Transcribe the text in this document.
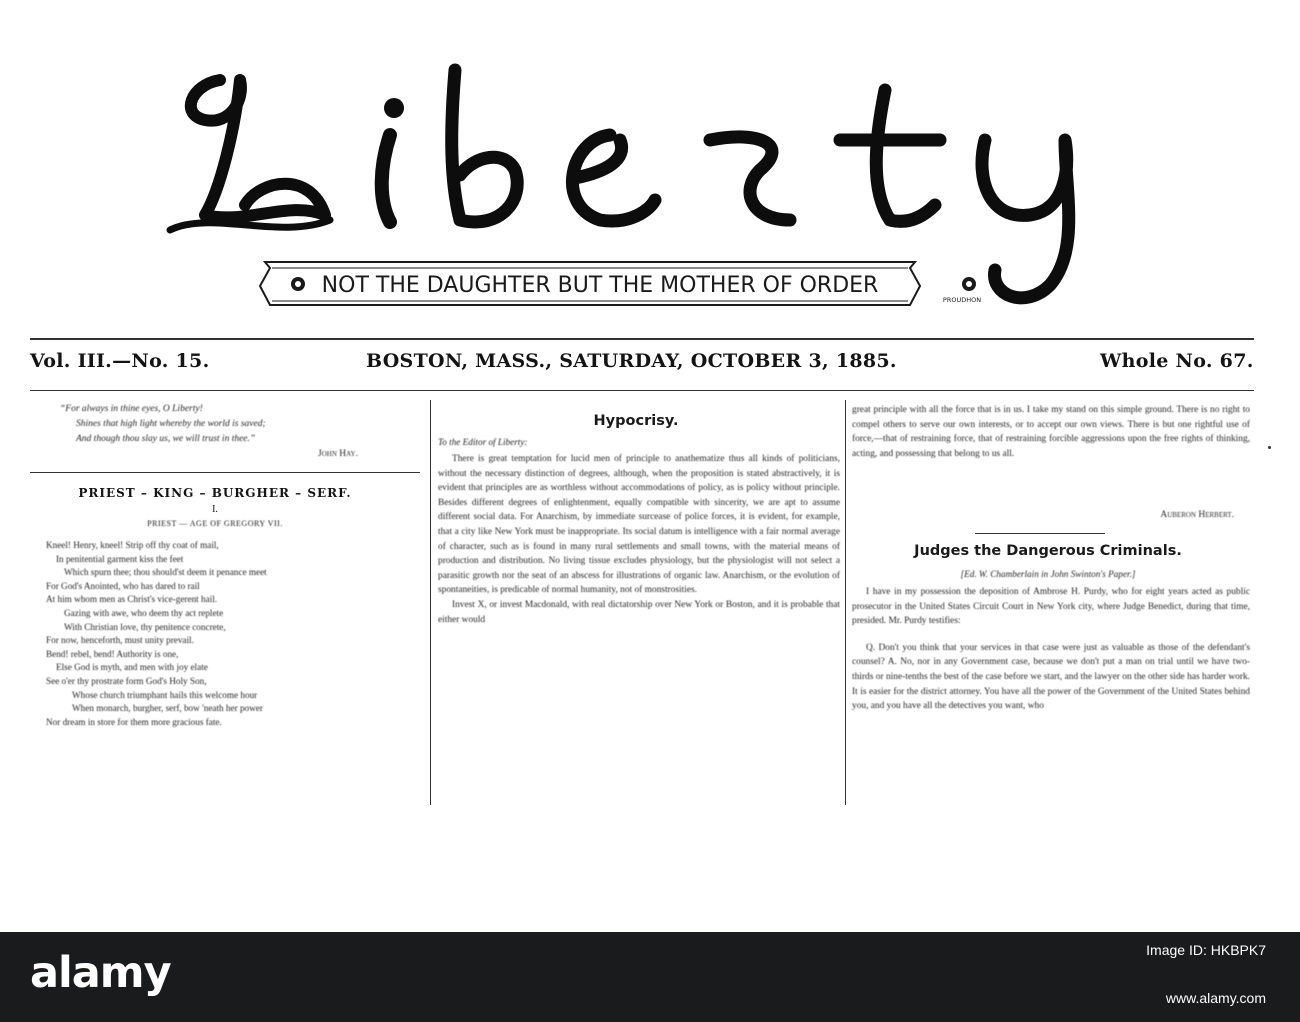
NOT THE DAUGHTER BUT THE MOTHER OF ORDER
PROUDHON
Vol. III.—No. 15.	BOSTON, MASS., SATURDAY, OCTOBER 3, 1885.	Whole No. 67.

“For always in thine eyes, O Liberty!

Shines that high light whereby the world is saved;

And though thou slay us, we will trust in thee.”

John Hay.

PRIEST – KING – BURGHER – SERF.
I.
PRIEST — AGE OF GREGORY VII.

Kneel! Henry, kneel! Strip off thy coat of mail,

In penitential garment kiss the feet

Which spurn thee; thou should'st deem it penance meet

For God's Anointed, who has dared to rail

At him whom men as Christ's vice-gerent hail.

Gazing with awe, who deem thy act replete

With Christian love, thy penitence concrete,

For now, henceforth, must unity prevail.

Bend! rebel, bend! Authority is one,

Else God is myth, and men with joy elate

See o'er thy prostrate form God's Holy Son,

Whose church triumphant hails this welcome hour

When monarch, burgher, serf, bow 'neath her power

Nor dream in store for them more gracious fate.

Hypocrisy.
To the Editor of Liberty:

There is great temptation for lucid men of principle to anathematize thus all kinds of politicians, without the necessary distinction of degrees, although, when the proposition is stated abstractively, it is evident that principles are as worthless without accommodations of policy, as is policy without principle. Besides different degrees of enlightenment, equally compatible with sincerity, we are apt to assume different social data. For Anarchism, by immediate surcease of police forces, it is evident, for example, that a city like New York must be inappropriate. Its social datum is intelligence with a fair normal average of character, such as is found in many rural settlements and small towns, with the material means of production and distribution. No living tissue excludes physiology, but the physiologist will not select a parasitic growth nor the seat of an abscess for illustrations of organic law. Anarchism, or the evolution of spontaneities, is predicable of normal humanity, not of monstrosities.

Invest X, or invest Macdonald, with real dictatorship over New York or Boston, and it is probable that either would

great principle with all the force that is in us. I take my stand on this simple ground. There is no right to compel others to serve our own interests, or to accept our own views. There is but one rightful use of force,—that of restraining force, that of restraining forcible aggressions upon the free rights of thinking, acting, and possessing that belong to us all.
Auberon Herbert.
Judges the Dangerous Criminals.
[Ed. W. Chamberlain in John Swinton's Paper.]

I have in my possession the deposition of Ambrose H. Purdy, who for eight years acted as public prosecutor in the United States Circuit Court in New York city, where Judge Benedict, during that time, presided. Mr. Purdy testifies:

Q. Don't you think that your services in that case were just as valuable as those of the defendant's counsel? A. No, nor in any Government case, because we don't put a man on trial until we have two-thirds or nine-tenths the best of the case before we start, and the lawyer on the other side has harder work. It is easier for the district attorney. You have all the power of the Government of the United States behind you, and you have all the detectives you want, who

alamy	Image ID: HKBPK7
www.alamy.com
